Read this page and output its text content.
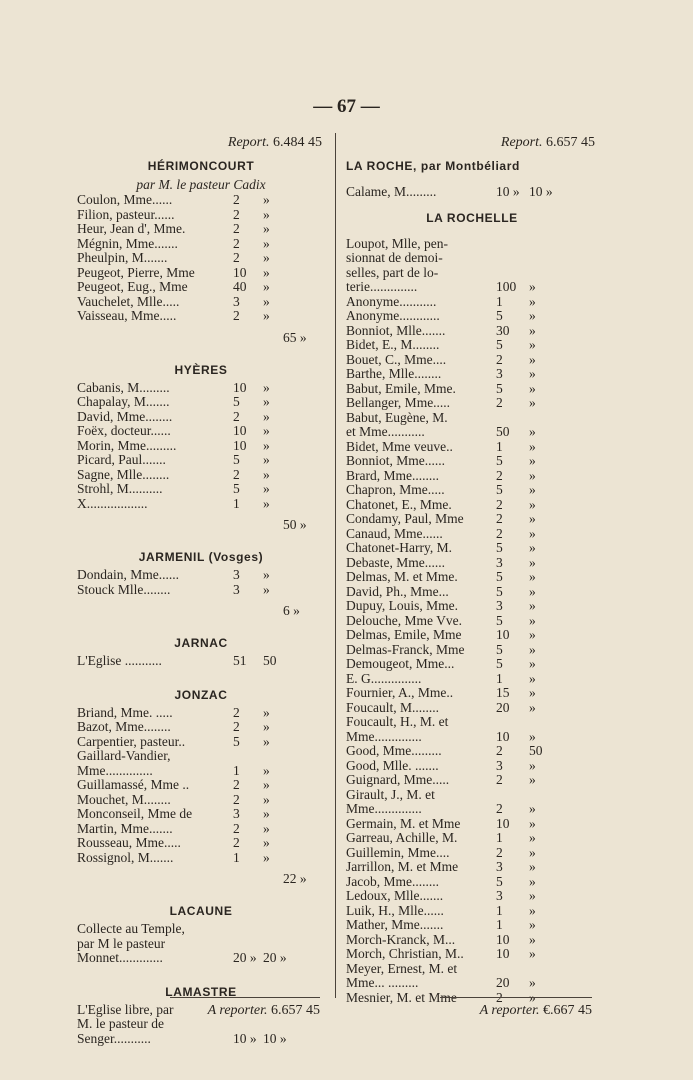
— 67 —
Report. 6.484 45
HÉRIMONCOURT
par M. le pasteur Cadix
Coulon, Mme......	2 »
Filion, pasteur......	2 »
Heur, Jean d', Mme.	2 »
Mégnin, Mme.......	2 »
Pheulpin, M.......	2 »
Peugeot, Pierre, Mme	10 »
Peugeot, Eug., Mme	40 »
Vauchelet, Mlle.....	3 »
Vaisseau, Mme.....	2 »
65 »
HYÈRES
Cabanis, M.........	10 »
Chapalay, M.......	5 »
David, Mme........	2 »
Foëx, docteur......	10 »
Morin, Mme.........	10 »
Picard, Paul.......	5 »
Sagne, Mlle........	2 »
Strohl, M..........	5 »
X..................	1 »
50 »
JARMENIL (Vosges)
Dondain, Mme......	3 »
Stouck Mlle........	3 »
6 »
JARNAC
L'Eglise ...........	51 50
JONZAC
Briand, Mme. .....	2 »
Bazot, Mme........	2 »
Carpentier, pasteur..	5 »
Gaillard-Vandier,
Mme..............	1 »
Guillamassé, Mme ..	2 »
Mouchet, M........	2 »
Monconseil, Mme de	3 »
Martin, Mme.......	2 »
Rousseau, Mme.....	2 »
Rossignol, M.......	1 »
22 »
LACAUNE
Collecte au Temple,
par M le pasteur
Monnet.............	20 » 20 »
LAMASTRE
L'Eglise libre, par
M. le pasteur de
Senger...........	10 » 10 »
Report. 6.657 45
LA ROCHE, par Montbéliard
Calame, M.........	10 » 10 »
LA ROCHELLE
Loupot, Mlle, pen-
sionnat de demoi-
selles, part de lo-
terie..............	100 »
Anonyme...........	1 »
Anonyme............	5 »
Bonniot, Mlle.......	30 »
Bidet, E., M........	5 »
Bouet, C., Mme....	2 »
Barthe, Mlle........	3 »
Babut, Emile, Mme.	5 »
Bellanger, Mme.....	2 »
Babut, Eugène, M.
et Mme...........	50 »
Bidet, Mme veuve..	1 »
Bonniot, Mme......	5 »
Brard, Mme........	2 »
Chapron, Mme.....	5 »
Chatonet, E., Mme.	2 »
Condamy, Paul, Mme 2 »
Canaud, Mme......	2 »
Chatonet-Harry, M.	5 »
Debaste, Mme......	3 »
Delmas, M. et Mme.	5 »
David, Ph., Mme...	5 »
Dupuy, Louis, Mme.	3 »
Delouche, Mme Vve.	5 »
Delmas, Emile, Mme	10 »
Delmas-Franck, Mme 5 »
Demougeot, Mme...	5 »
E. G...............	1 »
Fournier, A., Mme..	15 »
Foucault, M........	20 »
Foucault, H., M. et
Mme..............	10 »
Good, Mme.........	2 50
Good, Mlle. .......	3 »
Guignard, Mme.....	2 »
Girault, J., M. et
Mme..............	2 »
Germain, M. et Mme	10 »
Garreau, Achille, M.	1 »
Guillemin, Mme....	2 »
Jarrillon, M. et Mme	3 »
Jacob, Mme........	5 »
Ledoux, Mlle.......	3 »
Luik, H., Mlle......	1 »
Mather, Mme.......	1 »
Morch-Kranck, M...	10 »
Morch, Christian, M.. 10 »
Meyer, Ernest, M. et
Mme... .........	20 »
Mesnier, M. et Mme	2 »
A reporter. 6.657 45	A reporter. €.667 45
